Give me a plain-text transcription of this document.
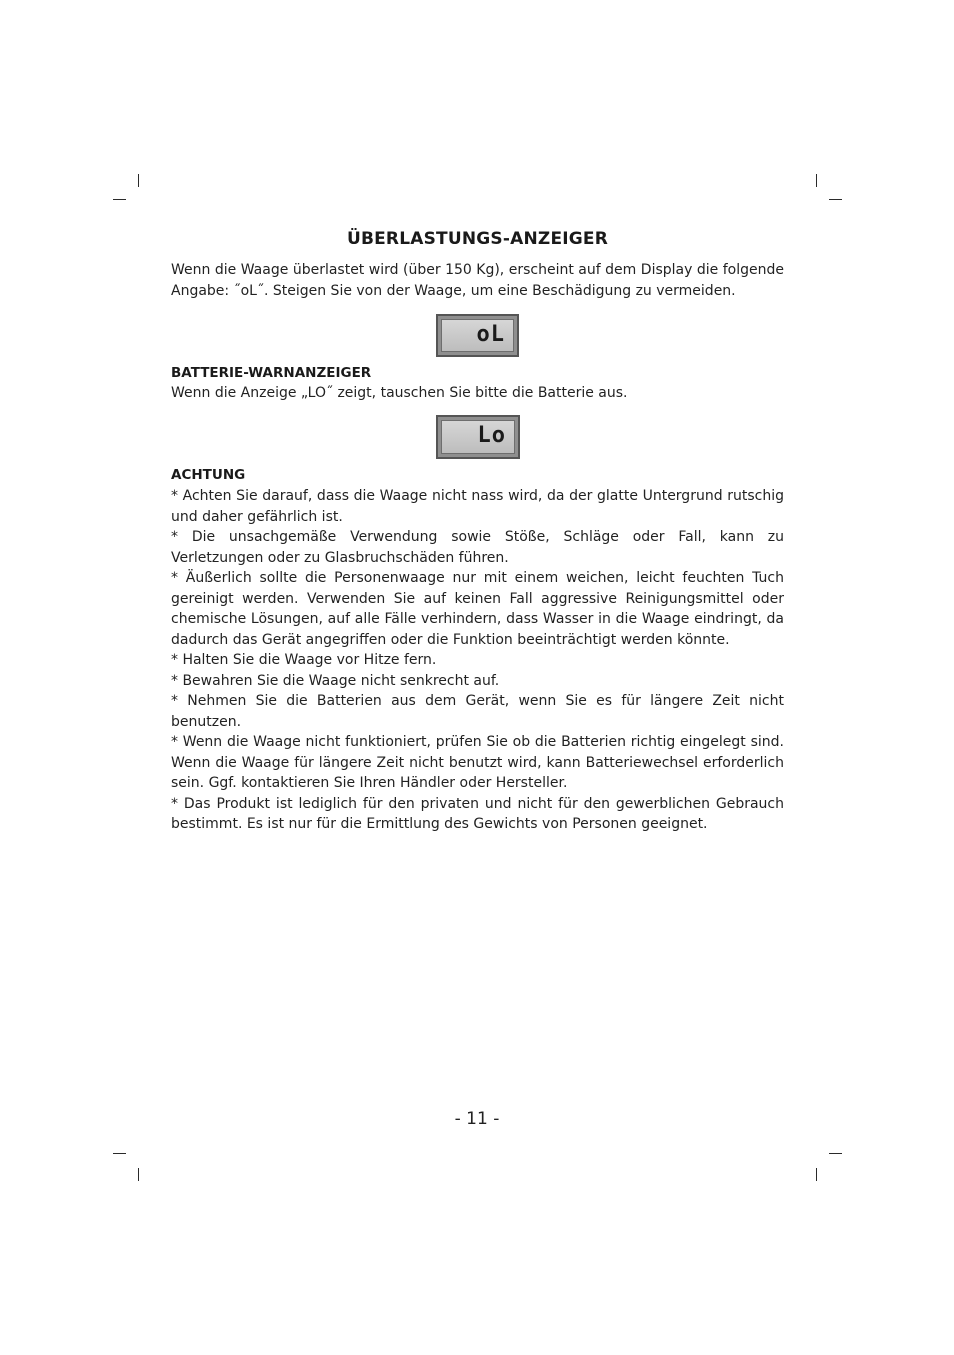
ÜBERLASTUNGS-ANZEIGER

Wenn die Waage überlastet wird (über 150 Kg), erscheint auf dem Display die folgende Angabe: ˝oL˝. Steigen Sie von der Waage, um eine Beschädigung zu vermeiden.

oL
BATTERIE-WARNANZEIGER

Wenn die Anzeige „LO˝ zeigt, tauschen Sie bitte die Batterie aus.

Lo
ACHTUNG
* Achten Sie darauf, dass die Waage nicht nass wird, da der glatte Untergrund rutschig und daher gefährlich ist.
* Die unsachgemäße Verwendung sowie Stöße, Schläge oder Fall, kann zu Verletzungen oder zu Glasbruchschäden führen.
* Äußerlich sollte die Personenwaage nur mit einem weichen, leicht feuchten Tuch gereinigt werden. Verwenden Sie auf keinen Fall aggressive Reinigungsmittel oder chemische Lösungen, auf alle Fälle verhindern, dass Wasser in die Waage eindringt, da dadurch das Gerät angegriffen oder die Funktion beeinträchtigt werden könnte.
* Halten Sie die Waage vor Hitze fern.
* Bewahren Sie die Waage nicht senkrecht auf.
* Nehmen Sie die Batterien aus dem Gerät, wenn Sie es für längere Zeit nicht benutzen.
* Wenn die Waage nicht funktioniert, prüfen Sie ob die Batterien richtig eingelegt sind. Wenn die Waage für längere Zeit nicht benutzt wird, kann Batteriewechsel erforderlich sein. Ggf. kontaktieren Sie Ihren Händler oder Hersteller.
* Das Produkt ist lediglich für den privaten und nicht für den gewerblichen Gebrauch bestimmt. Es ist nur für die Ermittlung des Gewichts von Personen geeignet.
- 11 -
